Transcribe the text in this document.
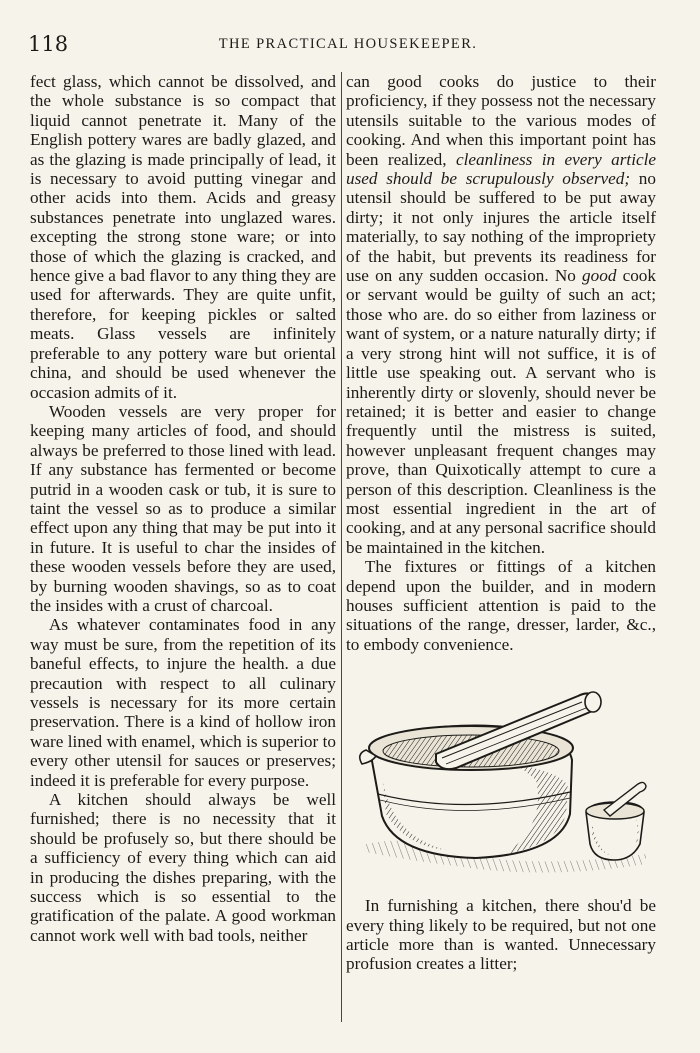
118	THE PRACTICAL HOUSEKEEPER.

fect glass, which cannot be dissolved, and the whole substance is so compact that liquid cannot penetrate it. Many of the English pottery wares are badly glazed, and as the glazing is made principally of lead, it is necessary to avoid putting vinegar and other acids into them. Acids and greasy substances penetrate into unglazed wares. excepting the strong stone ware; or into those of which the glazing is cracked, and hence give a bad flavor to any thing they are used for afterwards. They are quite unfit, therefore, for keeping pickles or salted meats. Glass vessels are infinitely preferable to any pottery ware but oriental china, and should be used whenever the occasion admits of it.

Wooden vessels are very proper for keeping many articles of food, and should always be preferred to those lined with lead. If any substance has fermented or become putrid in a wooden cask or tub, it is sure to taint the vessel so as to produce a similar effect upon any thing that may be put into it in future. It is useful to char the insides of these wooden vessels before they are used, by burning wooden shavings, so as to coat the insides with a crust of charcoal.

As whatever contaminates food in any way must be sure, from the repetition of its baneful effects, to injure the health. a due precaution with respect to all culinary vessels is necessary for its more certain preservation. There is a kind of hollow iron ware lined with enamel, which is superior to every other utensil for sauces or preserves; indeed it is preferable for every purpose.

A kitchen should always be well furnished; there is no necessity that it should be profusely so, but there should be a sufficiency of every thing which can aid in producing the dishes preparing, with the success which is so essential to the gratification of the palate. A good workman cannot work well with bad tools, neither

can good cooks do justice to their proficiency, if they possess not the necessary utensils suitable to the various modes of cooking. And when this important point has been realized, cleanliness in every article used should be scrupulously observed; no utensil should be suffered to be put away dirty; it not only injures the article itself materially, to say nothing of the impropriety of the habit, but prevents its readiness for use on any sudden occasion. No good cook or servant would be guilty of such an act; those who are. do so either from laziness or want of system, or a nature naturally dirty; if a very strong hint will not suffice, it is of little use speaking out. A servant who is inherently dirty or slovenly, should never be retained; it is better and easier to change frequently until the mistress is suited, however unpleasant frequent changes may prove, than Quixotically attempt to cure a person of this description. Cleanliness is the most essential ingredient in the art of cooking, and at any personal sacrifice should be maintained in the kitchen.

The fixtures or fittings of a kitchen depend upon the builder, and in modern houses sufficient attention is paid to the situations of the range, dresser, larder, &c., to embody convenience.

In furnishing a kitchen, there shou'd be every thing likely to be required, but not one article more than is wanted. Unnecessary profusion creates a litter;
